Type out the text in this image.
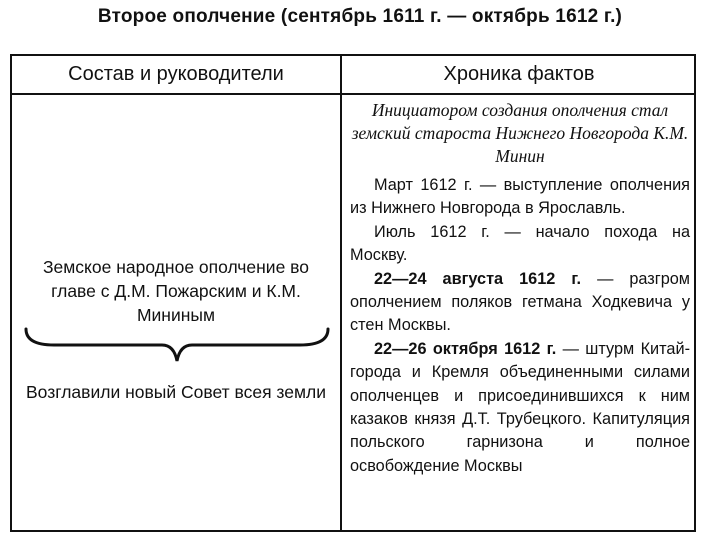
Второе ополчение (сентябрь 1611 г. — октябрь 1612 г.)
Состав и руководители	Хроника фактов
Земское народное ополчение во главе с Д.М. Пожарским и К.М. Мининым
Возглавили новый Совет всея земли
Инициатором создания ополчения стал земский староста Нижнего Новгорода К.М. Минин

Март 1612 г. — выступление ополчения из Нижнего Новгорода в Ярославль.

Июль 1612 г. — начало похода на Москву.

22—24 августа 1612 г. — разгром ополчением поляков гетмана Ходкевича у стен Москвы.

22—26 октября 1612 г. — штурм Китай-города и Кремля объединенными силами ополченцев и присоединившихся к ним казаков князя Д.Т. Трубецкого. Капитуляция польского гарнизона и полное освобождение Москвы
